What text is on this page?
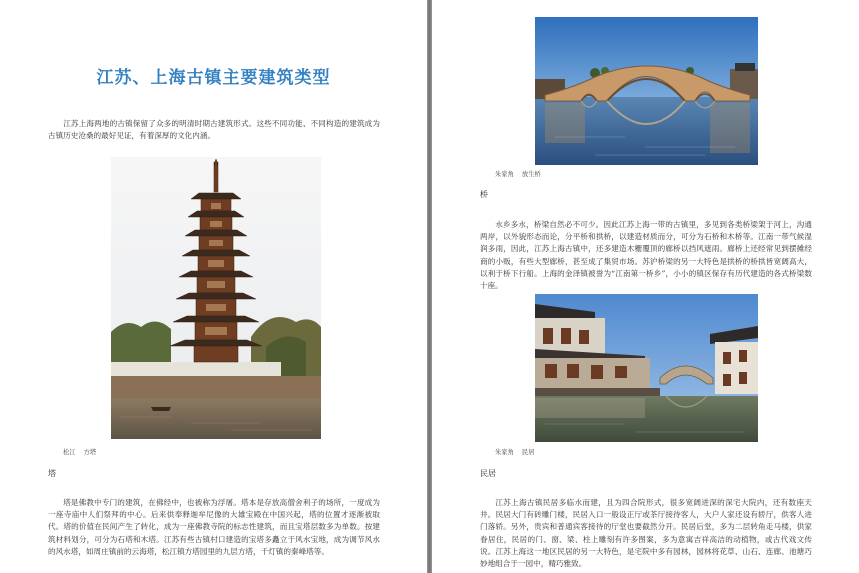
江苏、上海古镇主要建筑类型

江苏上海两地的古镇保留了众多的明清时期古建筑形式。这些不同功能、不同构造的建筑成为古镇历史沧桑的最好见证，有着深厚的文化内涵。

松江    方塔
塔

塔是佛教中专门的建筑，在佛经中，也被称为浮屠。塔本是存放高僧舍利子的场所，一度成为一座寺庙中人们祭拜的中心。后来供奉释迦牟尼像的大雄宝殿在中国兴起，塔的位置才逐渐被取代。塔的价值在民间产生了转化，成为一座佛教寺院的标志性建筑，而且宝塔层数多为单数。按建筑材料划分，可分为石塔和木塔。江苏有些古镇村口建造的宝塔多矗立于风水宝地，成为调节风水的风水塔，如周庄镇前的云海塔，松江镇方塔园里的九层方塔，千灯镇的秦峰塔等。

朱家角    放生桥
桥

水乡多水，桥梁自然必不可少。因此江苏上海一带的古镇里，多见到各类桥梁架于河上，沟通两岸，以外貌形态而论，分平桥和拱桥，以建造材质而分，可分为石桥和木桥等。江南一带气候湿润多雨，因此，江苏上海古镇中，还多建造木栅覆顶的廊桥以挡风遮雨。廊桥上还经常见到摆摊经商的小贩，有些大型廊桥，甚至成了集贸市场。苏沪桥梁的另一大特色是拱桥的桥拱皆宽阔高大，以利于桥下行船。上海的金泽镇被誉为“江南第一桥乡”，小小的镇区保存有历代建造的各式桥梁数十座。

朱家角    民居
民居

江苏上海古镇民居多临水而建，且为四合院形式，很多宽阔进深的深宅大院内，还有数座天井。民居大门有砖雕门楼，民居入口一般设正厅或茶厅接待客人，大户人家还设有轿厅，供客人进门落轿。另外，贵宾和普通宾客接待的厅堂也要截然分开。民居后堂，多为二层转角走马楼，供家眷居住，民居的门、窗、梁、柱上雕刻有许多图案，多为意寓吉祥高洁的动植物，或古代戏文传说。江苏上海这一地区民居的另一大特色，是宅院中多有园林，园林将花草、山石、连廊、池塘巧妙地组合于一园中，精巧雅致。
